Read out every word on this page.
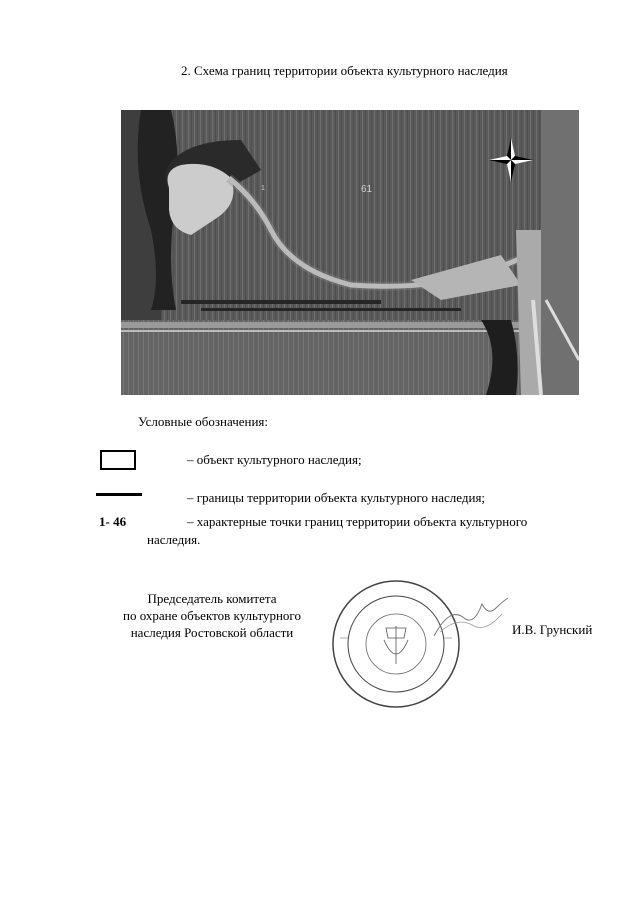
2. Схема границ территории объекта культурного наследия
61
1
Условные обозначения:
– объект культурного наследия;
– границы территории объекта культурного наследия;
1- 46	– характерные точки границ территории объекта культурного
наследия.
Председатель комитета
по охране объектов культурного
наследия Ростовской области	И.В. Грунский
